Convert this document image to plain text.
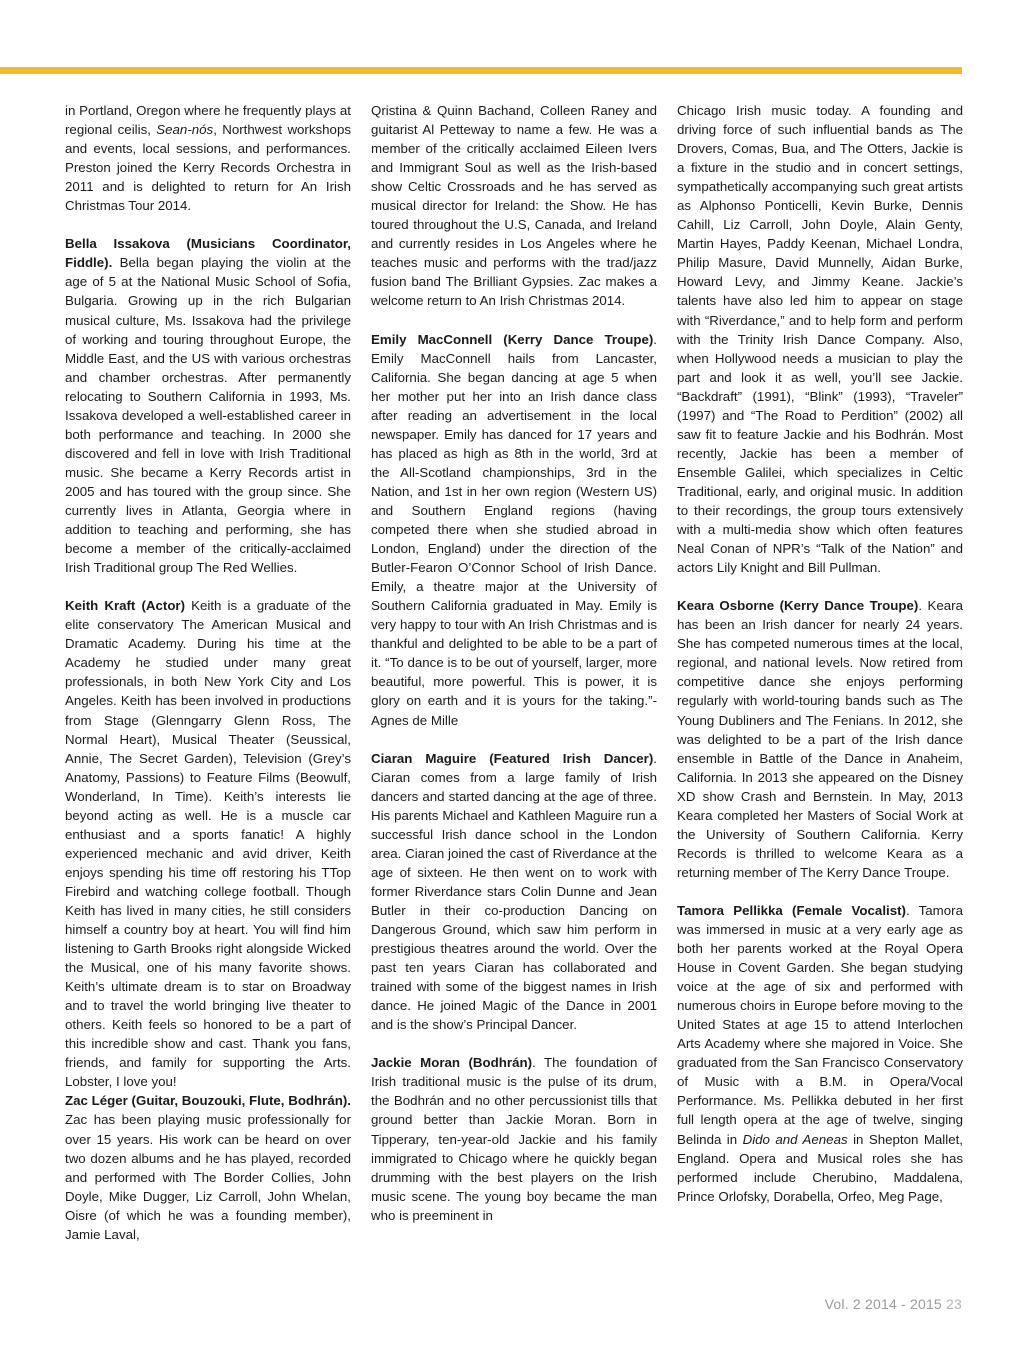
in Portland, Oregon where he frequently plays at regional ceilis, Sean-nós, Northwest workshops and events, local sessions, and performances. Preston joined the Kerry Records Orchestra in 2011 and is delighted to return for An Irish Christmas Tour 2014.

Bella Issakova (Musicians Coordinator, Fiddle). Bella began playing the violin at the age of 5 at the National Music School of Sofia, Bulgaria. Growing up in the rich Bulgarian musical culture, Ms. Issakova had the privilege of working and touring throughout Europe, the Middle East, and the US with various orchestras and chamber orchestras. After permanently relocating to Southern California in 1993, Ms. Issakova developed a well-established career in both performance and teaching. In 2000 she discovered and fell in love with Irish Traditional music. She became a Kerry Records artist in 2005 and has toured with the group since. She currently lives in Atlanta, Georgia where in addition to teaching and performing, she has become a member of the critically-acclaimed Irish Traditional group The Red Wellies.

Keith Kraft (Actor) Keith is a graduate of the elite conservatory The American Musical and Dramatic Academy. During his time at the Academy he studied under many great professionals, in both New York City and Los Angeles. Keith has been involved in productions from Stage (Glenngarry Glenn Ross, The Normal Heart), Musical Theater (Seussical, Annie, The Secret Garden), Television (Grey’s Anatomy, Passions) to Feature Films (Beowulf, Wonderland, In Time). Keith’s interests lie beyond acting as well. He is a muscle car enthusiast and a sports fanatic! A highly experienced mechanic and avid driver, Keith enjoys spending his time off restoring his TTop Firebird and watching college football. Though Keith has lived in many cities, he still considers himself a country boy at heart. You will find him listening to Garth Brooks right alongside Wicked the Musical, one of his many favorite shows. Keith’s ultimate dream is to star on Broadway and to travel the world bringing live theater to others. Keith feels so honored to be a part of this incredible show and cast. Thank you fans, friends, and family for supporting the Arts. Lobster, I love you!

Zac Léger (Guitar, Bouzouki, Flute, Bodhrán). Zac has been playing music professionally for over 15 years. His work can be heard on over two dozen albums and he has played, recorded and performed with The Border Collies, John Doyle, Mike Dugger, Liz Carroll, John Whelan, Oisre (of which he was a founding member), Jamie Laval,

Qristina & Quinn Bachand, Colleen Raney and guitarist Al Petteway to name a few. He was a member of the critically acclaimed Eileen Ivers and Immigrant Soul as well as the Irish-based show Celtic Crossroads and he has served as musical director for Ireland: the Show. He has toured throughout the U.S, Canada, and Ireland and currently resides in Los Angeles where he teaches music and performs with the trad/jazz fusion band The Brilliant Gypsies. Zac makes a welcome return to An Irish Christmas 2014.

Emily MacConnell (Kerry Dance Troupe). Emily MacConnell hails from Lancaster, California. She began dancing at age 5 when her mother put her into an Irish dance class after reading an advertisement in the local newspaper. Emily has danced for 17 years and has placed as high as 8th in the world, 3rd at the All-Scotland championships, 3rd in the Nation, and 1st in her own region (Western US) and Southern England regions (having competed there when she studied abroad in London, England) under the direction of the Butler-Fearon O’Connor School of Irish Dance. Emily, a theatre major at the University of Southern California graduated in May. Emily is very happy to tour with An Irish Christmas and is thankful and delighted to be able to be a part of it. “To dance is to be out of yourself, larger, more beautiful, more powerful. This is power, it is glory on earth and it is yours for the taking.”- Agnes de Mille

Ciaran Maguire (Featured Irish Dancer). Ciaran comes from a large family of Irish dancers and started dancing at the age of three. His parents Michael and Kathleen Maguire run a successful Irish dance school in the London area. Ciaran joined the cast of Riverdance at the age of sixteen. He then went on to work with former Riverdance stars Colin Dunne and Jean Butler in their co-production Dancing on Dangerous Ground, which saw him perform in prestigious theatres around the world. Over the past ten years Ciaran has collaborated and trained with some of the biggest names in Irish dance. He joined Magic of the Dance in 2001 and is the show’s Principal Dancer.

Jackie Moran (Bodhrán). The foundation of Irish traditional music is the pulse of its drum, the Bodhrán and no other percussionist tills that ground better than Jackie Moran. Born in Tipperary, ten-year-old Jackie and his family immigrated to Chicago where he quickly began drumming with the best players on the Irish music scene. The young boy became the man who is preeminent in

Chicago Irish music today. A founding and driving force of such influential bands as The Drovers, Comas, Bua, and The Otters, Jackie is a fixture in the studio and in concert settings, sympathetically accompanying such great artists as Alphonso Ponticelli, Kevin Burke, Dennis Cahill, Liz Carroll, John Doyle, Alain Genty, Martin Hayes, Paddy Keenan, Michael Londra, Philip Masure, David Munnelly, Aidan Burke, Howard Levy, and Jimmy Keane. Jackie’s talents have also led him to appear on stage with “Riverdance,” and to help form and perform with the Trinity Irish Dance Company. Also, when Hollywood needs a musician to play the part and look it as well, you’ll see Jackie. “Backdraft” (1991), “Blink” (1993), “Traveler” (1997) and “The Road to Perdition” (2002) all saw fit to feature Jackie and his Bodhrán. Most recently, Jackie has been a member of Ensemble Galilei, which specializes in Celtic Traditional, early, and original music. In addition to their recordings, the group tours extensively with a multi-media show which often features Neal Conan of NPR’s “Talk of the Nation” and actors Lily Knight and Bill Pullman.

Keara Osborne (Kerry Dance Troupe). Keara has been an Irish dancer for nearly 24 years. She has competed numerous times at the local, regional, and national levels. Now retired from competitive dance she enjoys performing regularly with world-touring bands such as The Young Dubliners and The Fenians. In 2012, she was delighted to be a part of the Irish dance ensemble in Battle of the Dance in Anaheim, California. In 2013 she appeared on the Disney XD show Crash and Bernstein. In May, 2013 Keara completed her Masters of Social Work at the University of Southern California. Kerry Records is thrilled to welcome Keara as a returning member of The Kerry Dance Troupe.

Tamora Pellikka (Female Vocalist). Tamora was immersed in music at a very early age as both her parents worked at the Royal Opera House in Covent Garden. She began studying voice at the age of six and performed with numerous choirs in Europe before moving to the United States at age 15 to attend Interlochen Arts Academy where she majored in Voice. She graduated from the San Francisco Conservatory of Music with a B.M. in Opera/Vocal Performance. Ms. Pellikka debuted in her first full length opera at the age of twelve, singing Belinda in Dido and Aeneas in Shepton Mallet, England. Opera and Musical roles she has performed include Cherubino, Maddalena, Prince Orlofsky, Dorabella, Orfeo, Meg Page,

Vol. 2 2014 - 2015 23
